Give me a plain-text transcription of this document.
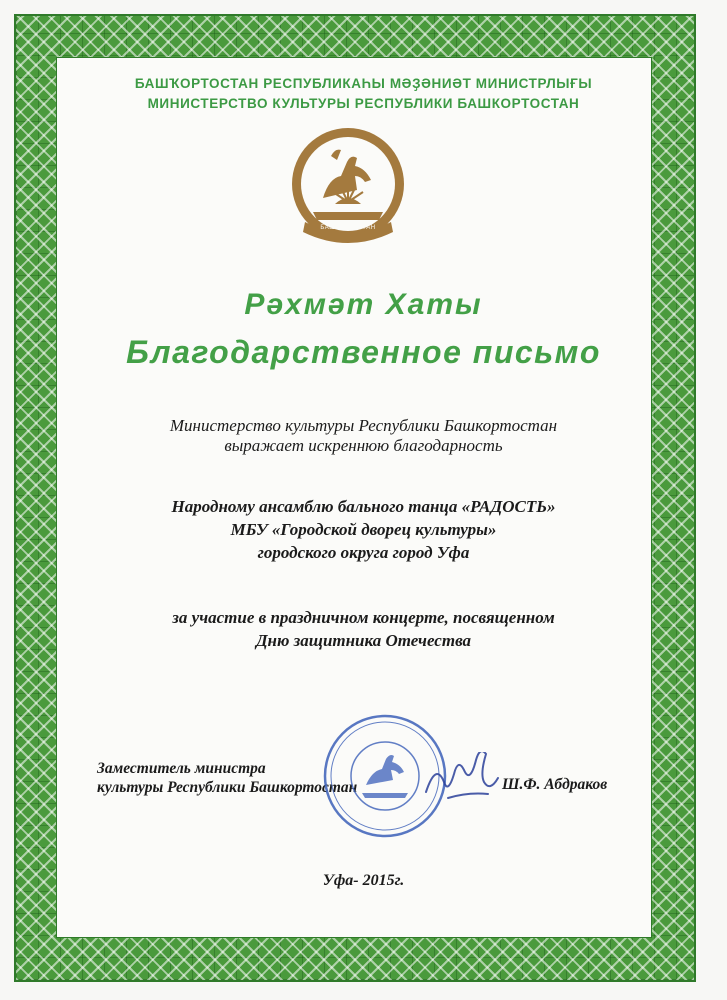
БАШҠОРТОСТАН РЕСПУБЛИКАҺЫ МӘҘӘНИӘТ МИНИСТРЛЫҒЫ
МИНИСТЕРСТВО КУЛЬТУРЫ РЕСПУБЛИКИ БАШКОРТОСТАН
БАШКОРТОСТАН
Рәхмәт Хаты
Благодарственное письмо
Министерство культуры Республики Башкортостан
выражает искреннюю благодарность
Народному ансамблю бального танца «РАДОСТЬ»
МБУ «Городской дворец культуры»
городского округа город Уфа
за участие в праздничном концерте, посвященном
Дню защитника Отечества
Заместитель министра
культуры Республики Башкортостан	Ш.Ф. Абдраков
Уфа- 2015г.
